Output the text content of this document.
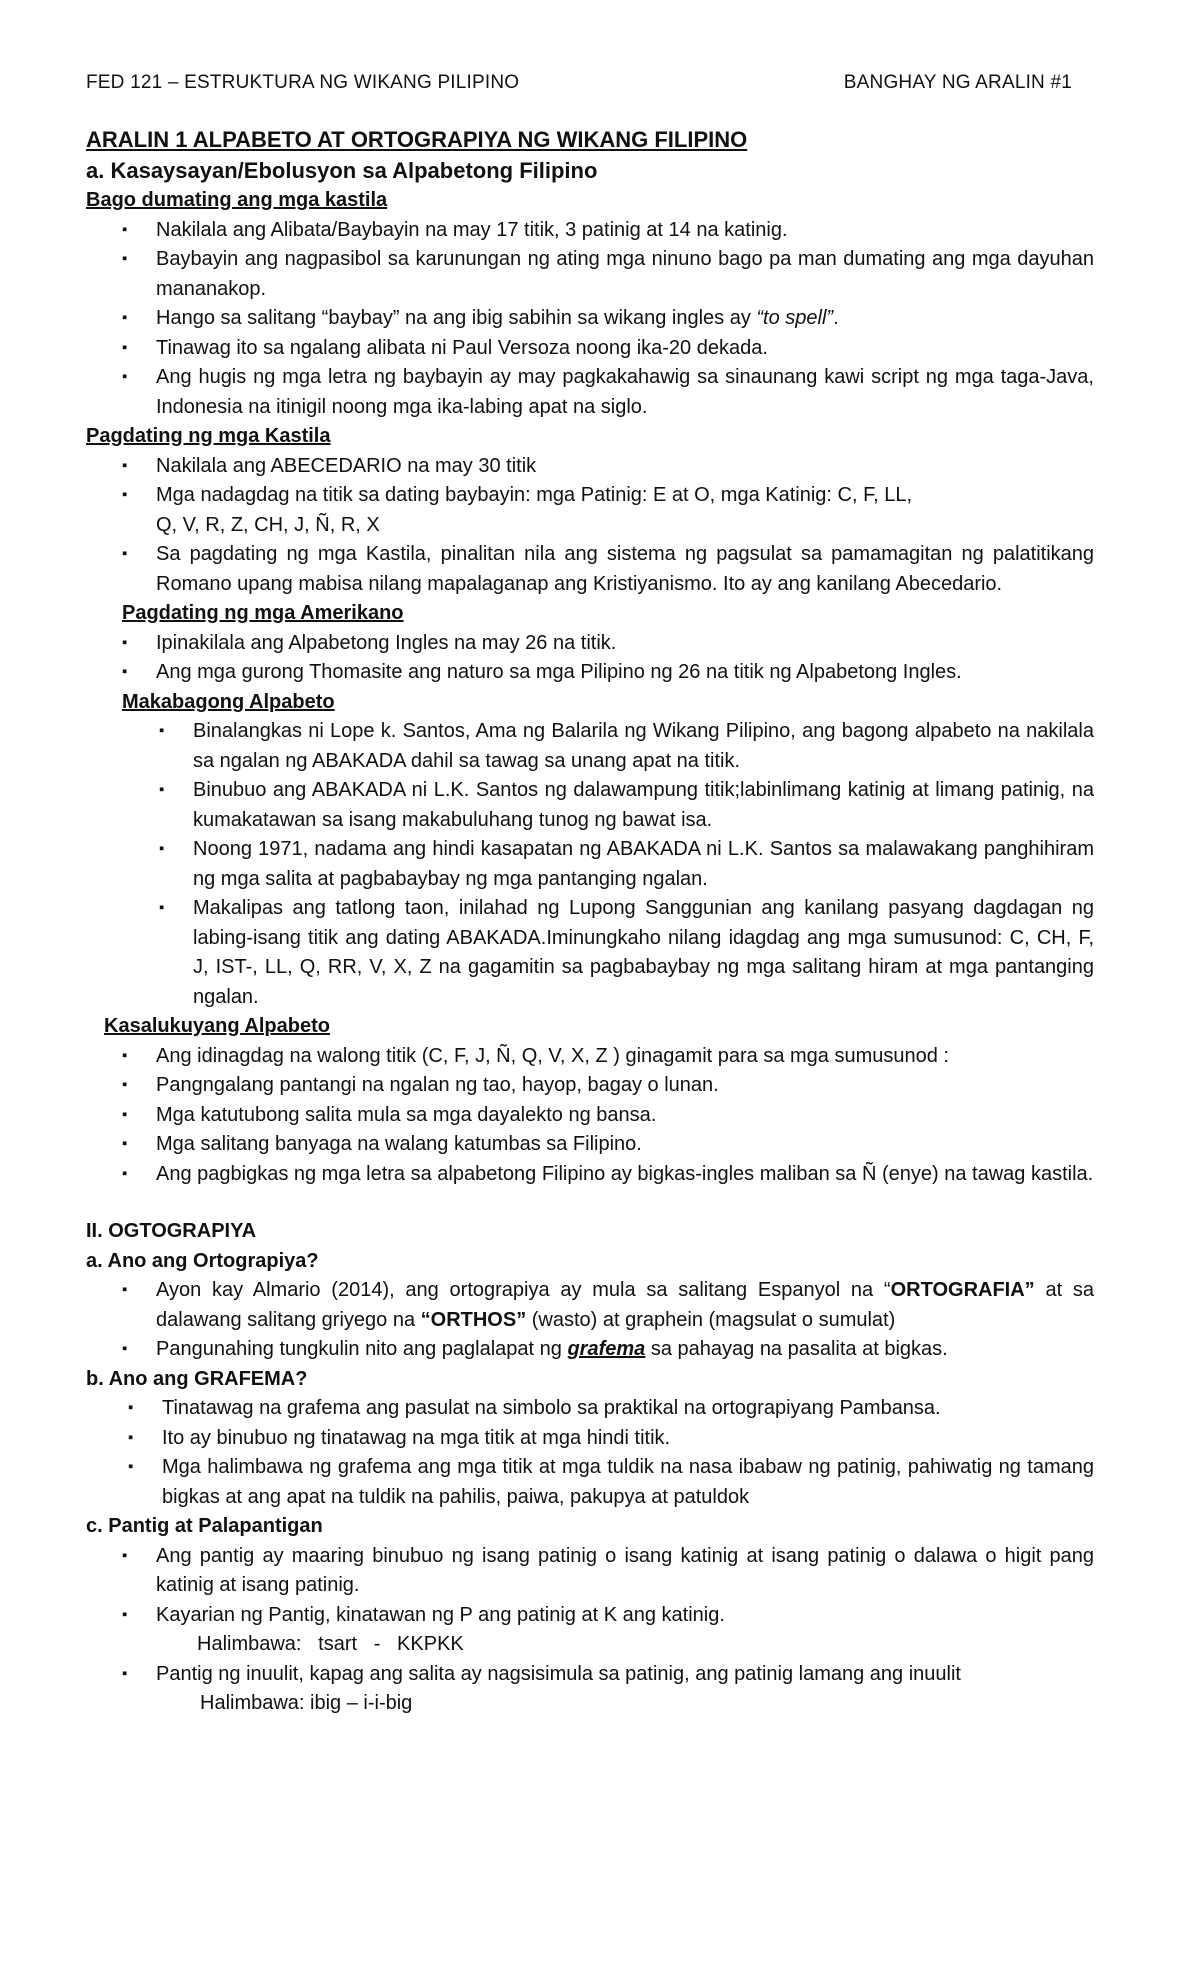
FED 121 – ESTRUKTURA NG WIKANG PILIPINO	BANGHAY NG ARALIN #1
ARALIN 1 ALPABETO AT ORTOGRAPIYA NG WIKANG FILIPINO
a. Kasaysayan/Ebolusyon sa Alpabetong Filipino
Bago dumating ang mga kastila
▪ Nakilala ang Alibata/Baybayin na may 17 titik, 3 patinig at 14 na katinig.
▪ Baybayin ang nagpasibol sa karunungan ng ating mga ninuno bago pa man dumating ang mga dayuhan mananakop.
▪ Hango sa salitang “baybay” na ang ibig sabihin sa wikang ingles ay “to spell”.
▪ Tinawag ito sa ngalang alibata ni Paul Versoza noong ika-20 dekada.
▪ Ang hugis ng mga letra ng baybayin ay may pagkakahawig sa sinaunang kawi script ng mga taga-Java, Indonesia na itinigil noong mga ika-labing apat na siglo.
Pagdating ng mga Kastila
▪ Nakilala ang ABECEDARIO na may 30 titik
▪ Mga nadagdag na titik sa dating baybayin: mga Patinig: E at O, mga Katinig: C, F, LL,
Q, V, R, Z, CH, J, Ñ, R, X
▪ Sa pagdating ng mga Kastila, pinalitan nila ang sistema ng pagsulat sa pamamagitan ng palatitikang Romano upang mabisa nilang mapalaganap ang Kristiyanismo. Ito ay ang kanilang Abecedario.
Pagdating ng mga Amerikano
▪ Ipinakilala ang Alpabetong Ingles na may 26 na titik.
▪ Ang mga gurong Thomasite ang naturo sa mga Pilipino ng 26 na titik ng Alpabetong Ingles.
Makabagong Alpabeto
▪ Binalangkas ni Lope k. Santos, Ama ng Balarila ng Wikang Pilipino, ang bagong alpabeto na nakilala sa ngalan ng ABAKADA dahil sa tawag sa unang apat na titik.
▪ Binubuo ang ABAKADA ni L.K. Santos ng dalawampung titik;labinlimang katinig at limang patinig, na kumakatawan sa isang makabuluhang tunog ng bawat isa.
▪ Noong 1971, nadama ang hindi kasapatan ng ABAKADA ni L.K. Santos sa malawakang panghihiram ng mga salita at pagbabaybay ng mga pantanging ngalan.
▪ Makalipas ang tatlong taon, inilahad ng Lupong Sanggunian ang kanilang pasyang dagdagan ng labing-isang titik ang dating ABAKADA.Iminungkaho nilang idagdag ang mga sumusunod: C, CH, F, J, IST-, LL, Q, RR, V, X, Z na gagamitin sa pagbabaybay ng mga salitang hiram at mga pantanging ngalan.
Kasalukuyang Alpabeto
▪ Ang idinagdag na walong titik (C, F, J, Ñ, Q, V, X, Z ) ginagamit para sa mga sumusunod :
▪ Pangngalang pantangi na ngalan ng tao, hayop, bagay o lunan.
▪ Mga katutubong salita mula sa mga dayalekto ng bansa.
▪ Mga salitang banyaga na walang katumbas sa Filipino.
▪ Ang pagbigkas ng mga letra sa alpabetong Filipino ay bigkas-ingles maliban sa Ñ (enye) na tawag kastila.
II. OGTOGRAPIYA
a. Ano ang Ortograpiya?
▪ Ayon kay Almario (2014), ang ortograpiya ay mula sa salitang Espanyol na “ORTOGRAFIA” at sa dalawang salitang griyego na “ORTHOS” (wasto) at graphein (magsulat o sumulat)
▪ Pangunahing tungkulin nito ang paglalapat ng grafema sa pahayag na pasalita at bigkas.
b. Ano ang GRAFEMA?
▪ Tinatawag na grafema ang pasulat na simbolo sa praktikal na ortograpiyang Pambansa.
▪ Ito ay binubuo ng tinatawag na mga titik at mga hindi titik.
▪ Mga halimbawa ng grafema ang mga titik at mga tuldik na nasa ibabaw ng patinig, pahiwatig ng tamang bigkas at ang apat na tuldik na pahilis, paiwa, pakupya at patuldok
c. Pantig at Palapantigan
▪ Ang pantig ay maaring binubuo ng isang patinig o isang katinig at isang patinig o dalawa o higit pang katinig at isang patinig.
▪ Kayarian ng Pantig, kinatawan ng P ang patinig at K ang katinig.
Halimbawa:   tsart   -   KKPKK
▪ Pantig ng inuulit, kapag ang salita ay nagsisimula sa patinig, ang patinig lamang ang inuulit
Halimbawa: ibig – i-i-big
